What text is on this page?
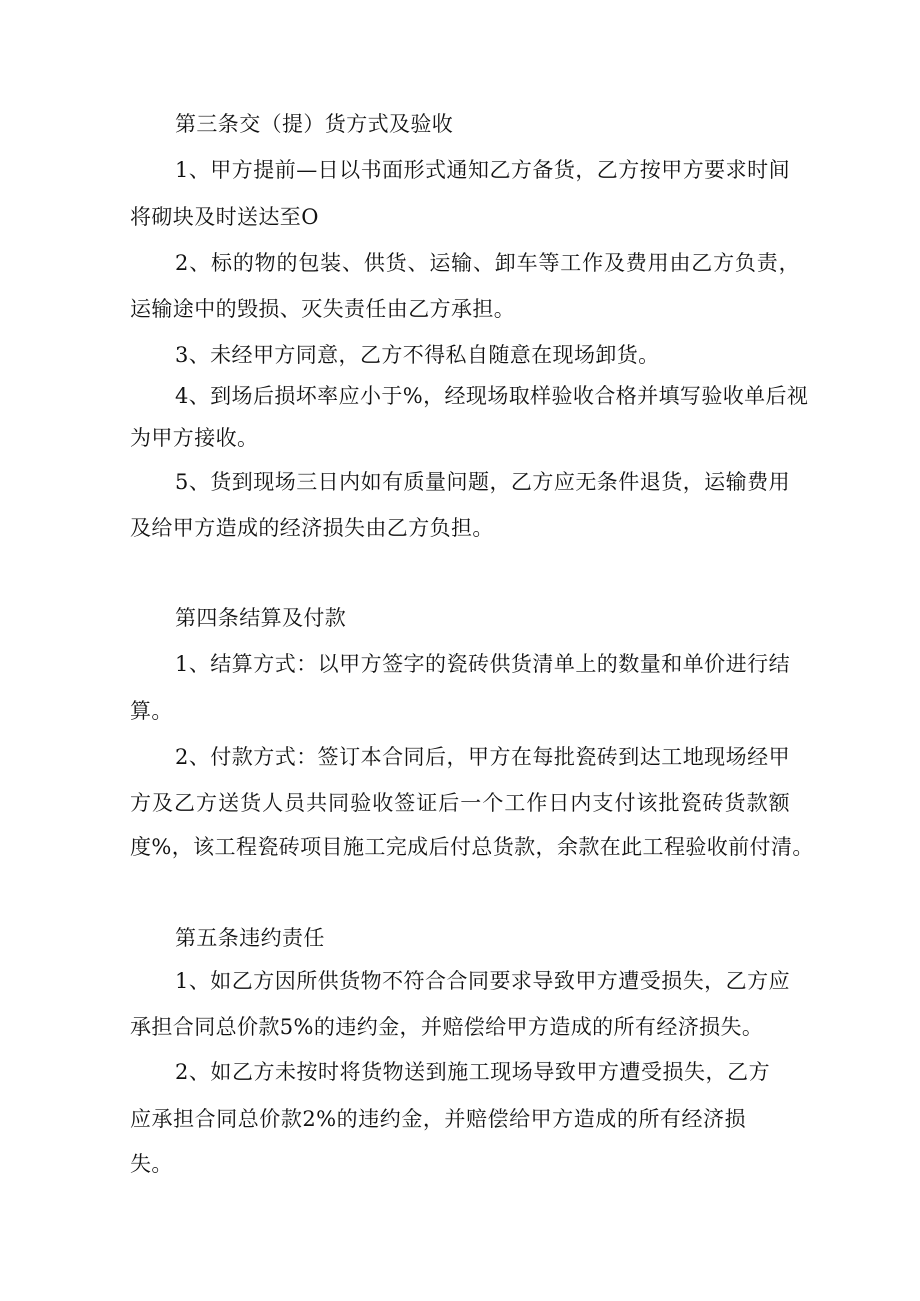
第三条交（提）货方式及验收
1、甲方提前—日以书面形式通知乙方备货，乙方按甲方要求时间
将砌块及时送达至O
2、标的物的包装、供货、运输、卸车等工作及费用由乙方负责，
运输途中的毁损、灭失责任由乙方承担。
3、未经甲方同意，乙方不得私自随意在现场卸货。
4、到场后损坏率应小于%，经现场取样验收合格并填写验收单后视
为甲方接收。
5、货到现场三日内如有质量问题，乙方应无条件退货，运输费用
及给甲方造成的经济损失由乙方负担。
第四条结算及付款
1、结算方式：以甲方签字的瓷砖供货清单上的数量和单价进行结
算。
2、付款方式：签订本合同后，甲方在每批瓷砖到达工地现场经甲
方及乙方送货人员共同验收签证后一个工作日内支付该批瓷砖货款额
度%，该工程瓷砖项目施工完成后付总货款，余款在此工程验收前付清。
第五条违约责任
1、如乙方因所供货物不符合合同要求导致甲方遭受损失，乙方应
承担合同总价款5%的违约金，并赔偿给甲方造成的所有经济损失。
2、如乙方未按时将货物送到施工现场导致甲方遭受损失，乙方
应承担合同总价款2%的违约金，并赔偿给甲方造成的所有经济损
失。
